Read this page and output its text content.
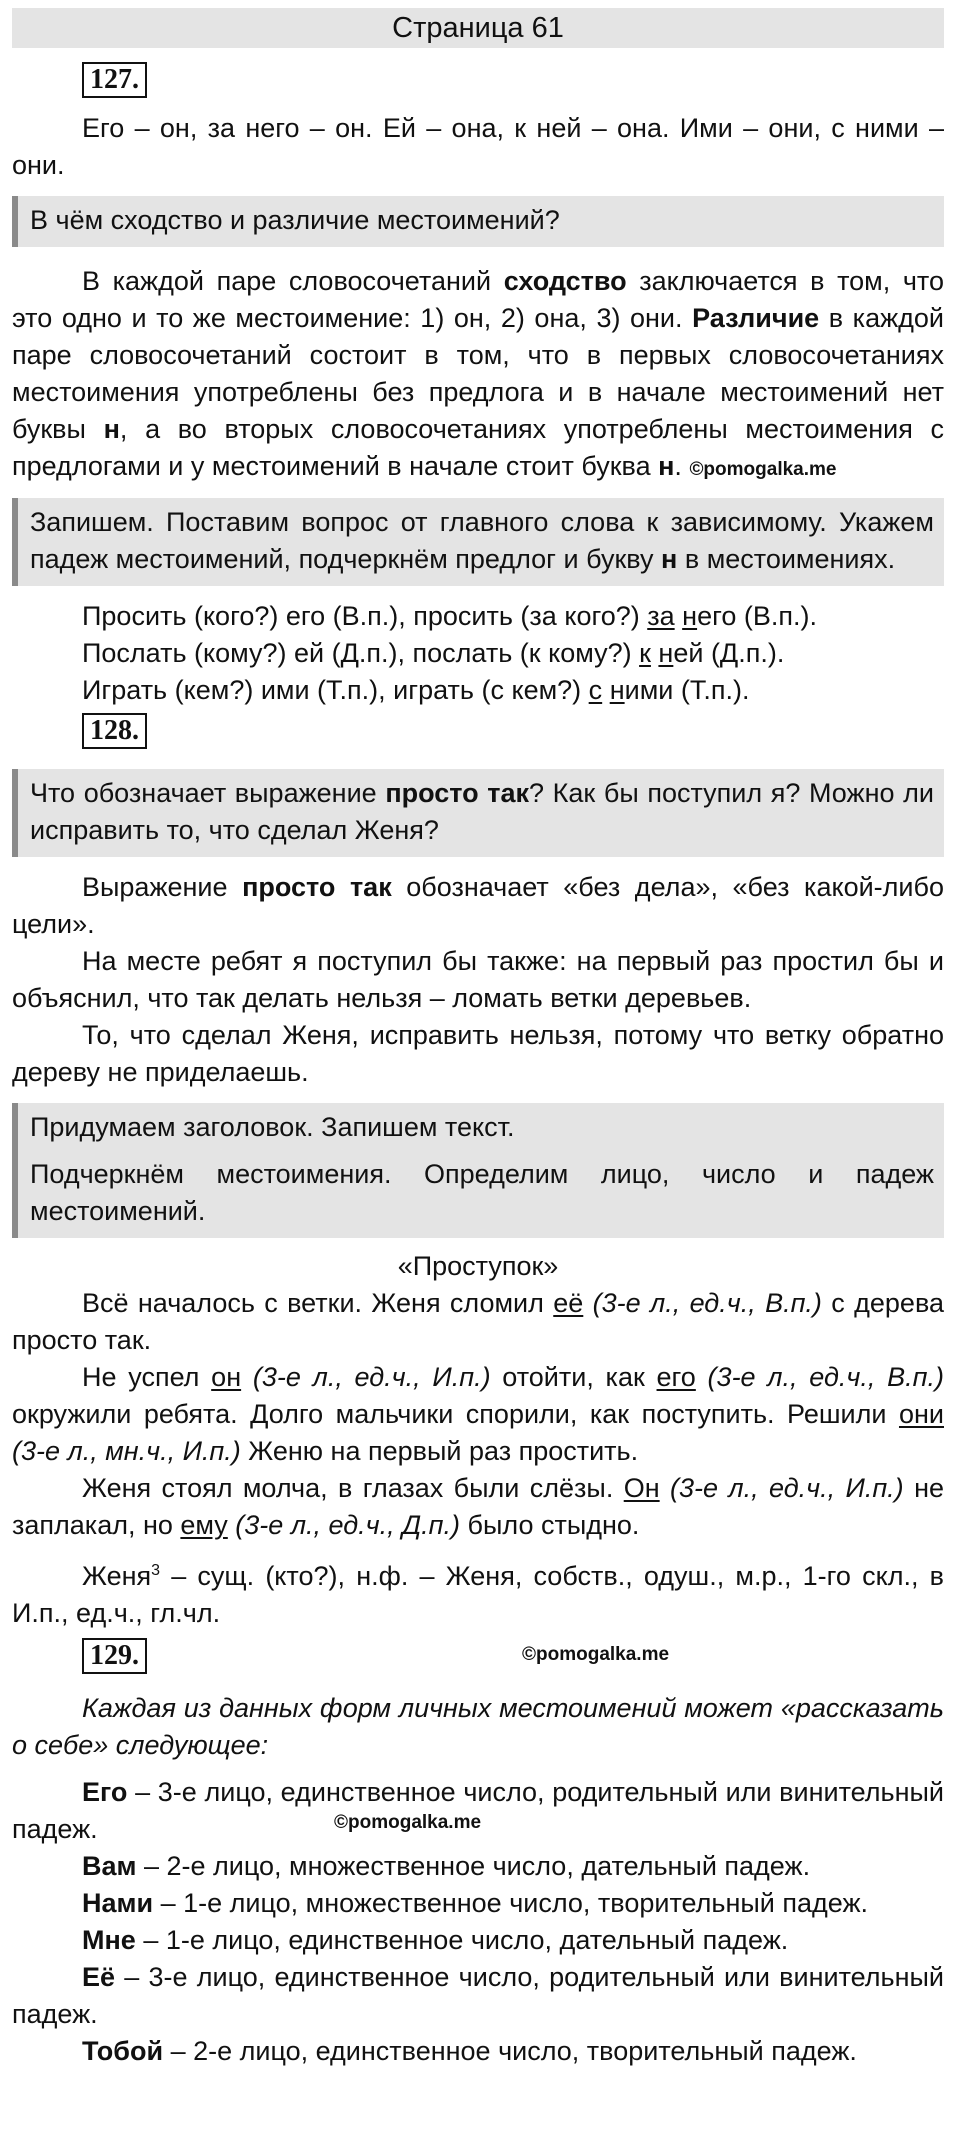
Страница 61
127.

Его – он, за него – он. Ей – она, к ней – она. Ими – они, с ними – они.

В чём сходство и различие местоимений?

В каждой паре словосочетаний сходство заключается в том, что это одно и то же местоимение: 1) он, 2) она, 3) они. Различие в каждой паре словосочетаний состоит в том, что в первых словосочетаниях местоимения употреблены без предлога и в начале местоимений нет буквы н, а во вторых словосочетаниях употреблены местоимения с предлогами и у местоимений в начале стоит буква н. ©pomogalka.me

Запишем. Поставим вопрос от главного слова к зависимому. Укажем падеж местоимений, подчеркнём предлог и букву н в местоимениях.

Просить (кого?) его (В.п.), просить (за кого?) за него (В.п.).

Послать (кому?) ей (Д.п.), послать (к кому?) к ней (Д.п.).

Играть (кем?) ими (Т.п.), играть (с кем?) с ними (Т.п.).

128.

Что обозначает выражение просто так? Как бы поступил я? Можно ли исправить то, что сделал Женя?

Выражение просто так обозначает «без дела», «без какой-либо цели».

На месте ребят я поступил бы также: на первый раз простил бы и объяснил, что так делать нельзя – ломать ветки деревьев.

То, что сделал Женя, исправить нельзя, потому что ветку обратно дереву не приделаешь.

Придумаем заголовок. Запишем текст.

Подчеркнём местоимения. Определим лицо, число и падеж местоимений.

«Проступок»

Всё началось с ветки. Женя сломил её (3-е л., ед.ч., В.п.) с дерева просто так.

Не успел он (3-е л., ед.ч., И.п.) отойти, как его (3-е л., ед.ч., В.п.) окружили ребята. Долго мальчики спорили, как поступить. Решили они (3-е л., мн.ч., И.п.) Женю на первый раз простить.

Женя стоял молча, в глазах были слёзы. Он (3-е л., ед.ч., И.п.) не заплакал, но ему (3-е л., ед.ч., Д.п.) было стыдно.

Женя$^3$ – сущ. (кто?), н.ф. – Женя, собств., одуш., м.р., 1-го скл., в И.п., ед.ч., гл.чл.

129.	©pomogalka.me

Каждая из данных форм личных местоимений может «рассказать о себе» следующее:

Его – 3-е лицо, единственное число, родительный или винительный падеж.	©pomogalka.me

Вам – 2-е лицо, множественное число, дательный падеж.

Нами – 1-е лицо, множественное число, творительный падеж.

Мне – 1-е лицо, единственное число, дательный падеж.

Её – 3-е лицо, единственное число, родительный или винительный падеж.

Тобой – 2-е лицо, единственное число, творительный падеж.
